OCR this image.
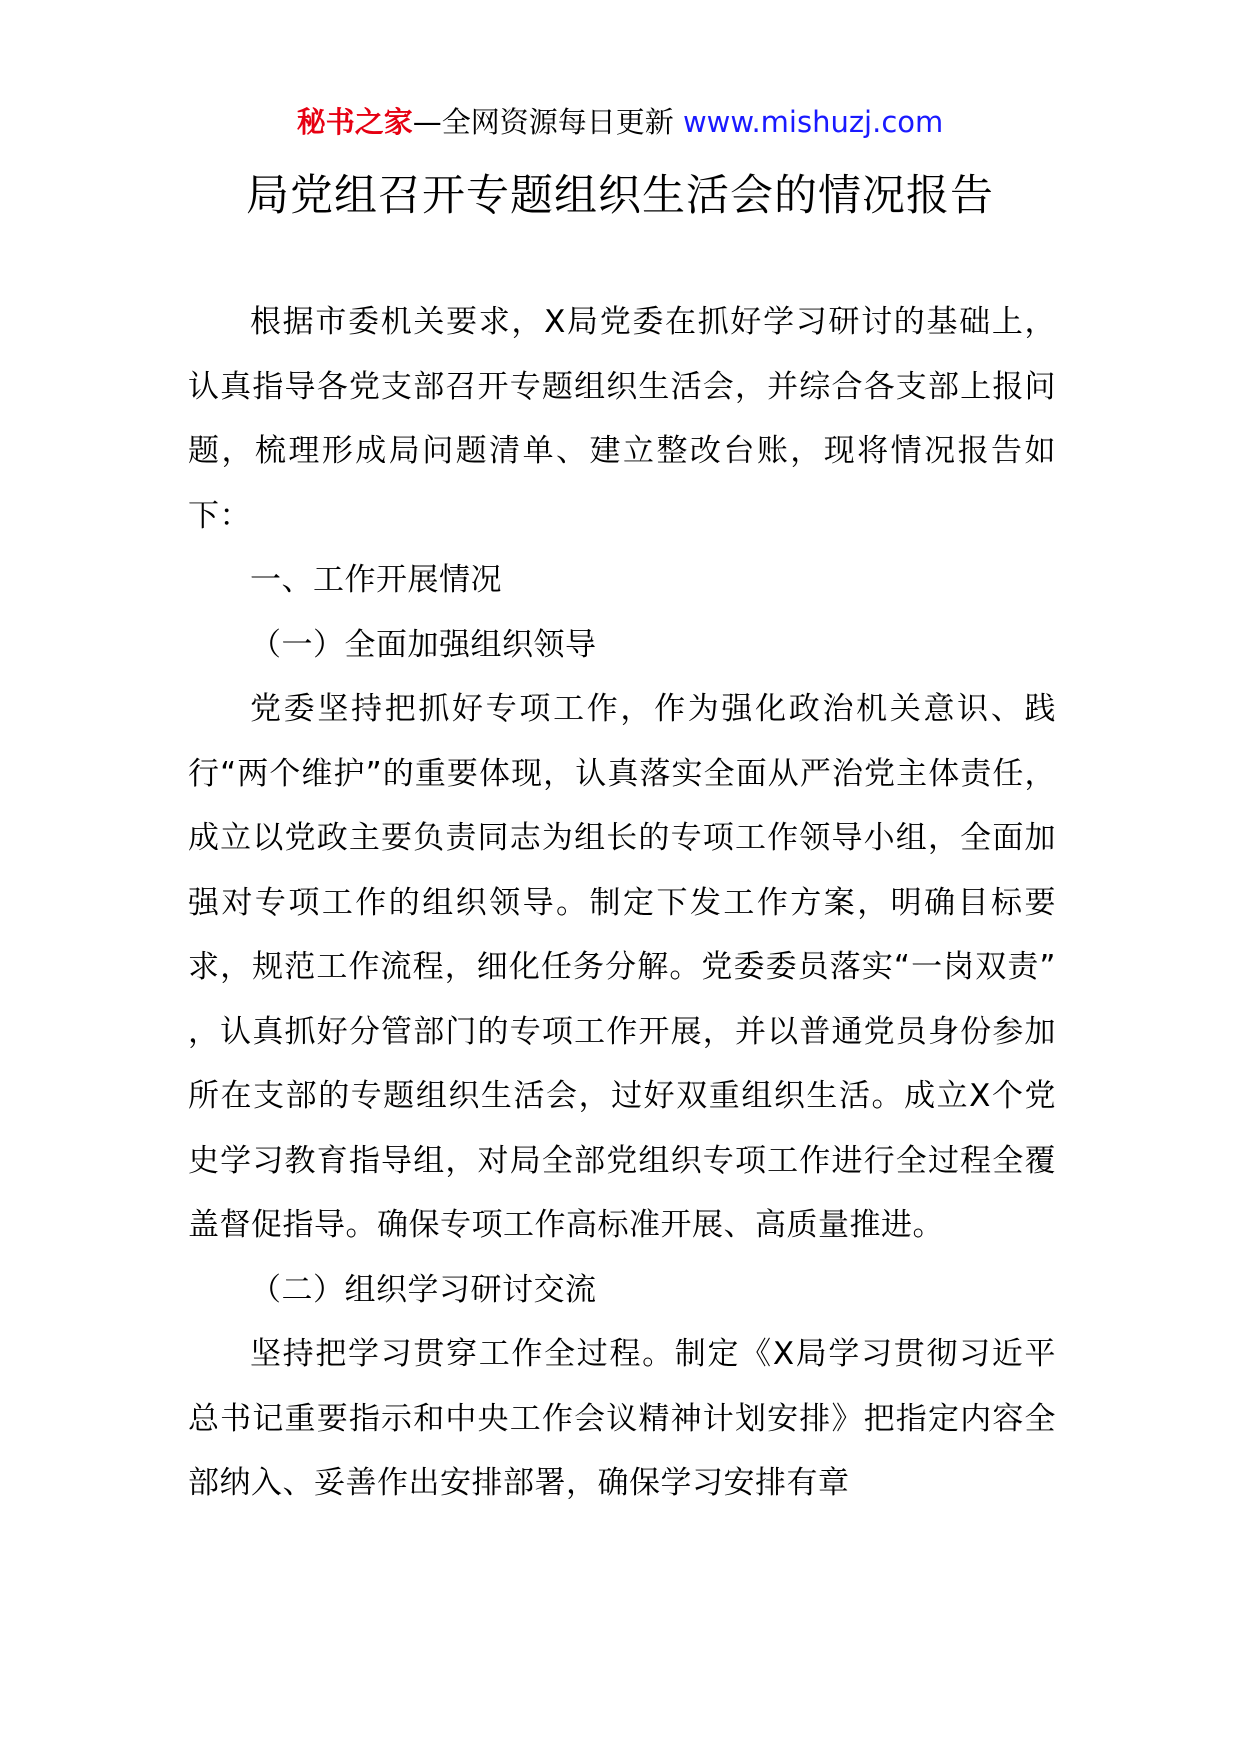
秘书之家—全网资源每日更新 www.mishuzj.com
局党组召开专题组织生活会的情况报告

根据市委机关要求，X局党委在抓好学习研讨的基础上，认真指导各党支部召开专题组织生活会，并综合各支部上报问题，梳理形成局问题清单、建立整改台账，现将情况报告如下：

一、工作开展情况

（一）全面加强组织领导

党委坚持把抓好专项工作，作为强化政治机关意识、践行“两个维护”的重要体现，认真落实全面从严治党主体责任，成立以党政主要负责同志为组长的专项工作领导小组，全面加强对专项工作的组织领导。制定下发工作方案，明确目标要求，规范工作流程，细化任务分解。党委委员落实“一岗双责” ，认真抓好分管部门的专项工作开展，并以普通党员身份参加所在支部的专题组织生活会，过好双重组织生活。成立X个党史学习教育指导组，对局全部党组织专项工作进行全过程全覆盖督促指导。确保专项工作高标准开展、高质量推进。

（二）组织学习研讨交流

坚持把学习贯穿工作全过程。制定《X局学习贯彻习近平总书记重要指示和中央工作会议精神计划安排》把指定内容全部纳入、妥善作出安排部署，确保学习安排有章
